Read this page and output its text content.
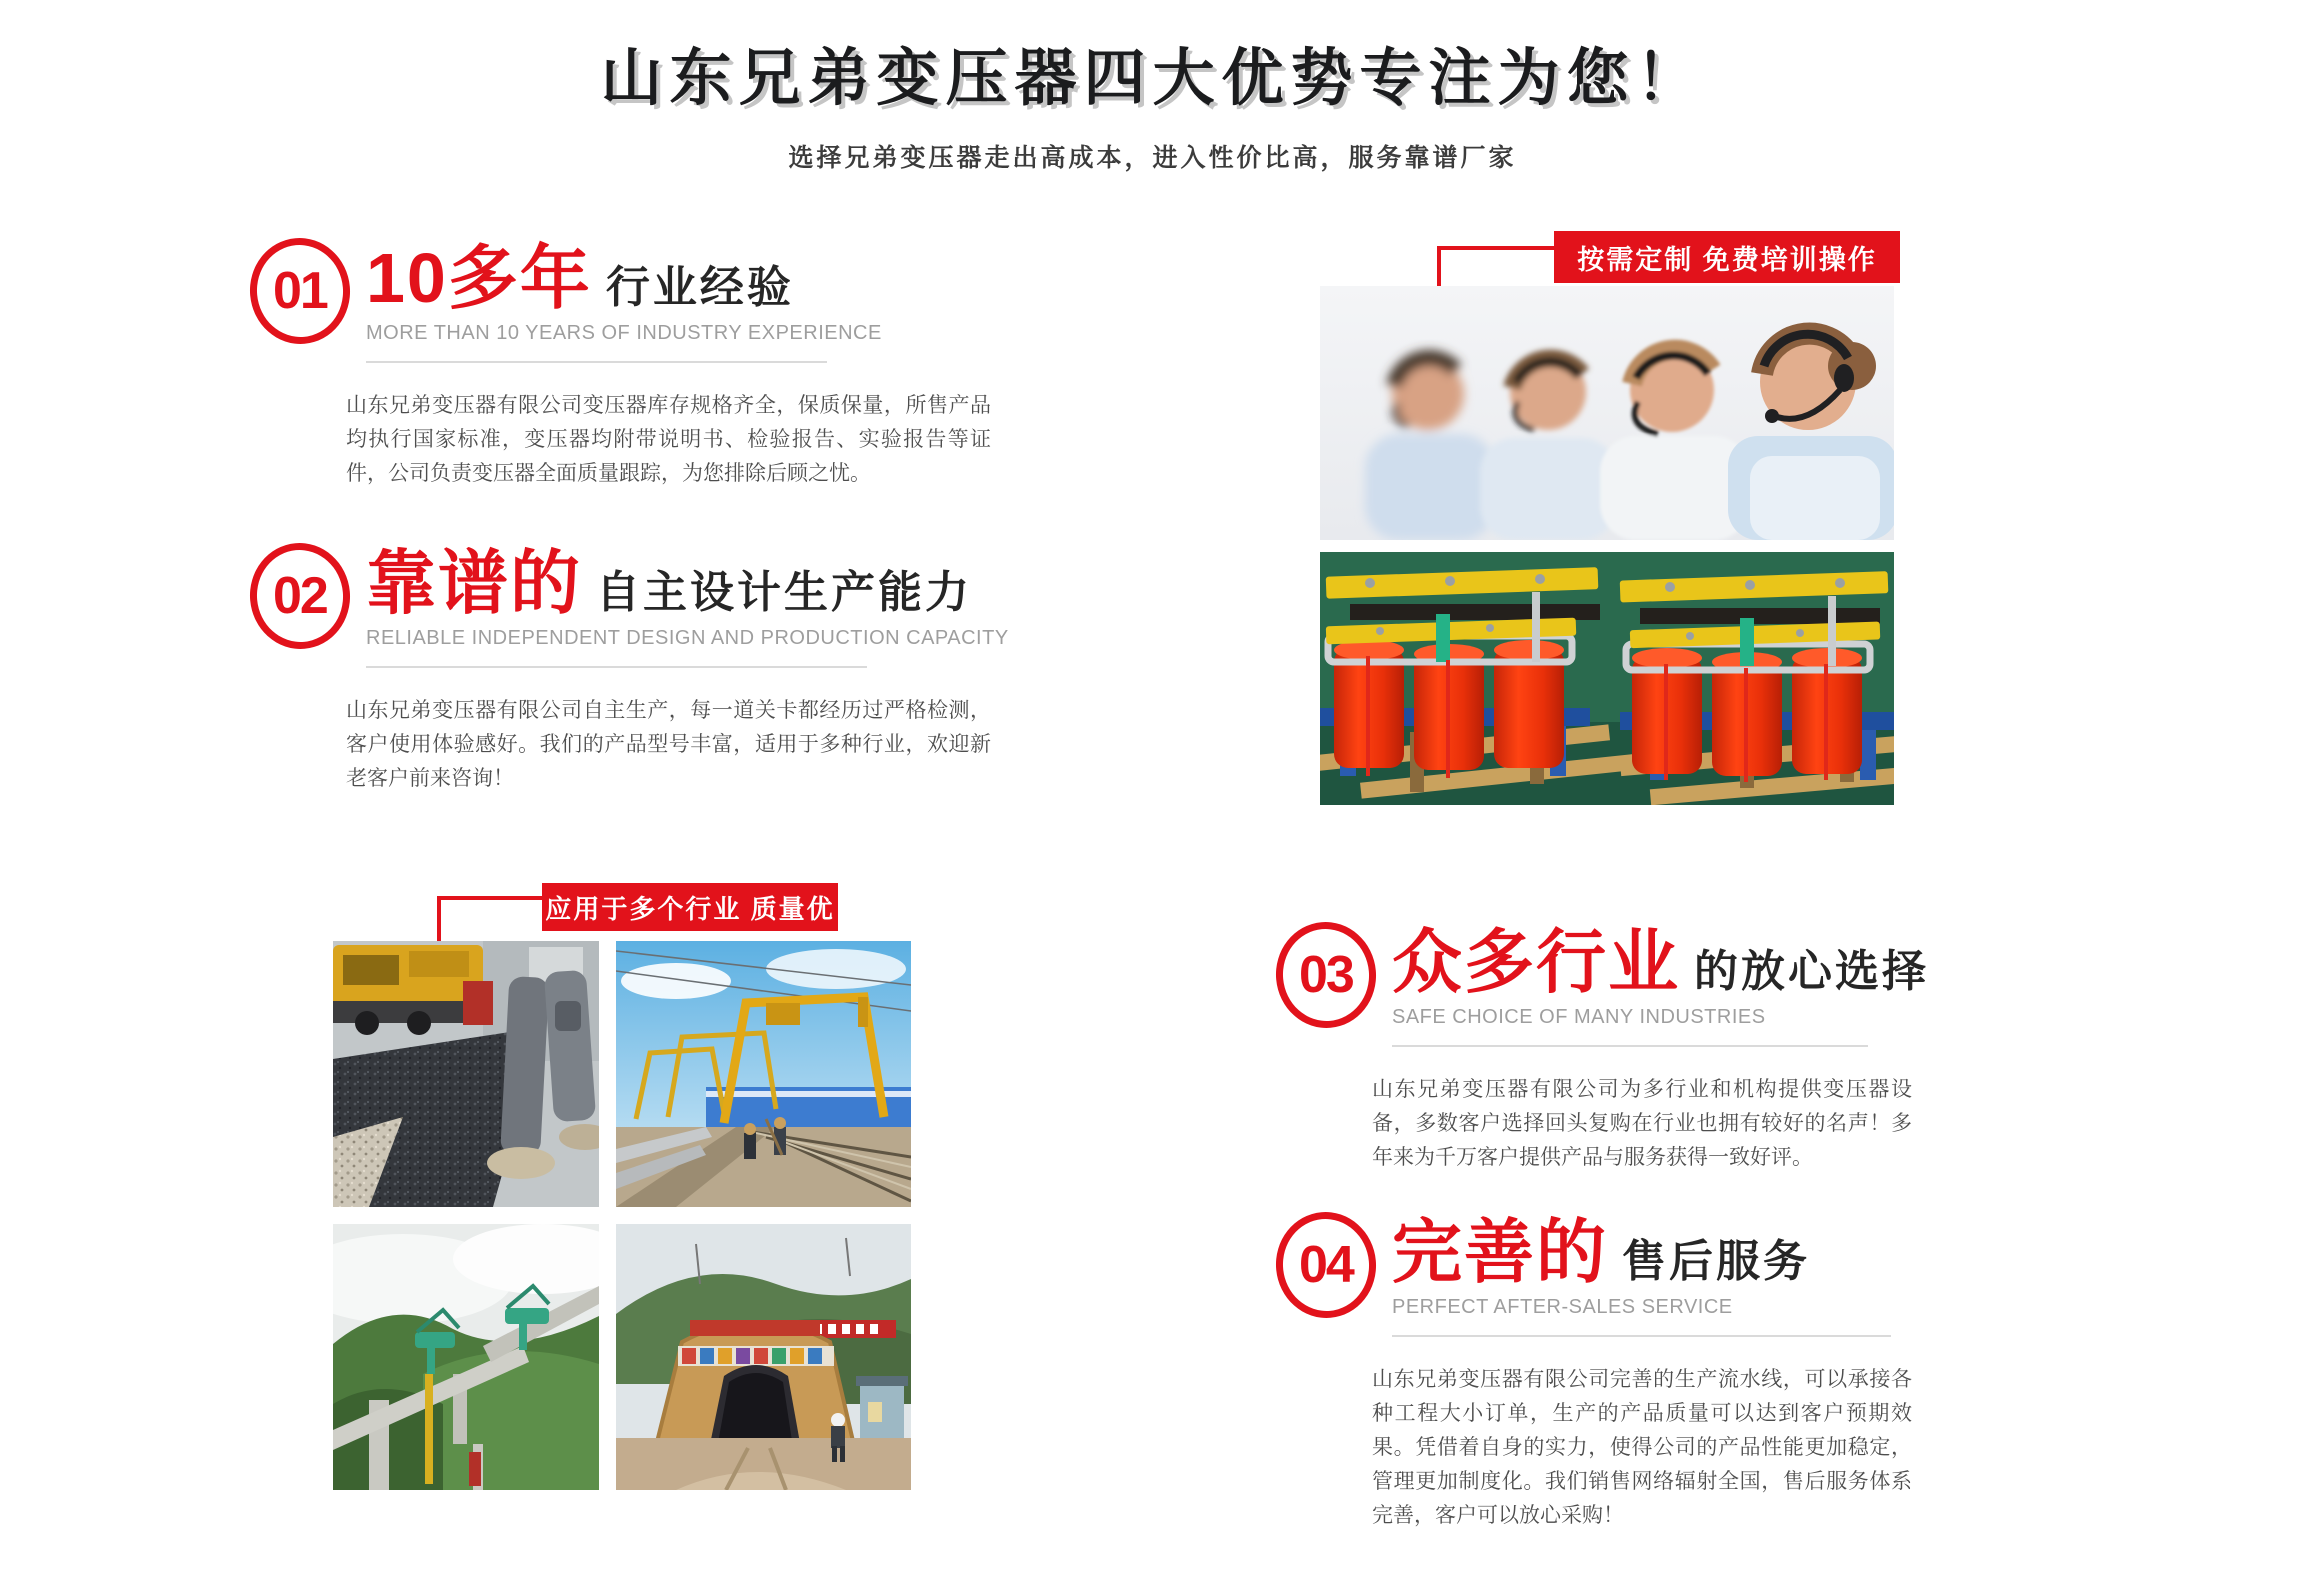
山东兄弟变压器四大优势专注为您！
选择兄弟变压器走出高成本，进入性价比高，服务靠谱厂家
01 10多年 行业经验
MORE THAN 10 YEARS OF INDUSTRY EXPERIENCE
山东兄弟变压器有限公司变压器库存规格齐全，保质保量，所售产品均执行国家标准，变压器均附带说明书、检验报告、实验报告等证件，公司负责变压器全面质量跟踪，为您排除后顾之忧。
02 靠谱的 自主设计生产能力
RELIABLE INDEPENDENT DESIGN AND PRODUCTION CAPACITY
山东兄弟变压器有限公司自主生产，每一道关卡都经历过严格检测，客户使用体验感好。我们的产品型号丰富，适用于多种行业，欢迎新老客户前来咨询！
03 众多行业 的放心选择
SAFE CHOICE OF MANY INDUSTRIES
山东兄弟变压器有限公司为多行业和机构提供变压器设备，多数客户选择回头复购在行业也拥有较好的名声！多年来为千万客户提供产品与服务获得一致好评。
04 完善的 售后服务
PERFECT AFTER-SALES SERVICE
山东兄弟变压器有限公司完善的生产流水线，可以承接各种工程大小订单，生产的产品质量可以达到客户预期效果。凭借着自身的实力，使得公司的产品性能更加稳定，管理更加制度化。我们销售网络辐射全国，售后服务体系完善，客户可以放心采购！
按需定制 免费培训操作
应用于多个行业 质量优
